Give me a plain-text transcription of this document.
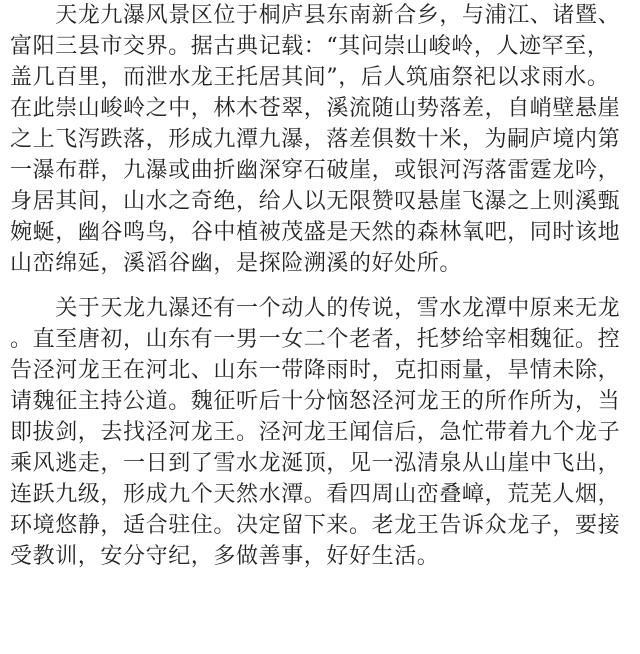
　　天龙九瀑风景区位于桐庐县东南新合乡，与浦江、诸暨、
富阳三县市交界。据古典记载：“其问崇山峻岭，人迹罕至，
盖几百里，而泄水龙王托居其间”，后人筑庙祭祀以求雨水。
在此崇山峻岭之中，林木苍翠，溪流随山势落差，自峭壁悬崖
之上飞泻跌落，形成九潭九瀑，落差俱数十米，为嗣庐境内第
一瀑布群，九瀑或曲折幽深穿石破崖，或银河泻落雷霆龙吟，
身居其间，山水之奇绝，给人以无限赞叹悬崖飞瀑之上则溪甄
婉蜒，幽谷鸣鸟，谷中植被茂盛是天然的森林氧吧，同时该地
山峦绵延，溪滔谷幽，是探险溯溪的好处所。
　　关于天龙九瀑还有一个动人的传说，雪水龙潭中原来无龙
。直至唐初，山东有一男一女二个老者，托梦给宰相魏征。控
告泾河龙王在河北、山东一带降雨时，克扣雨量，旱情未除，
请魏征主持公道。魏征听后十分恼怒泾河龙王的所作所为，当
即拔剑，去找泾河龙王。泾河龙王闻信后，急忙带着九个龙子
乘风逃走，一日到了雪水龙涎顶，见一泓清泉从山崖中飞出，
连跃九级，形成九个天然水潭。看四周山峦叠嶂，荒芜人烟，
环境悠静，适合驻住。决定留下来。老龙王告诉众龙子，要接
受教训，安分守纪，多做善事，好好生活。
